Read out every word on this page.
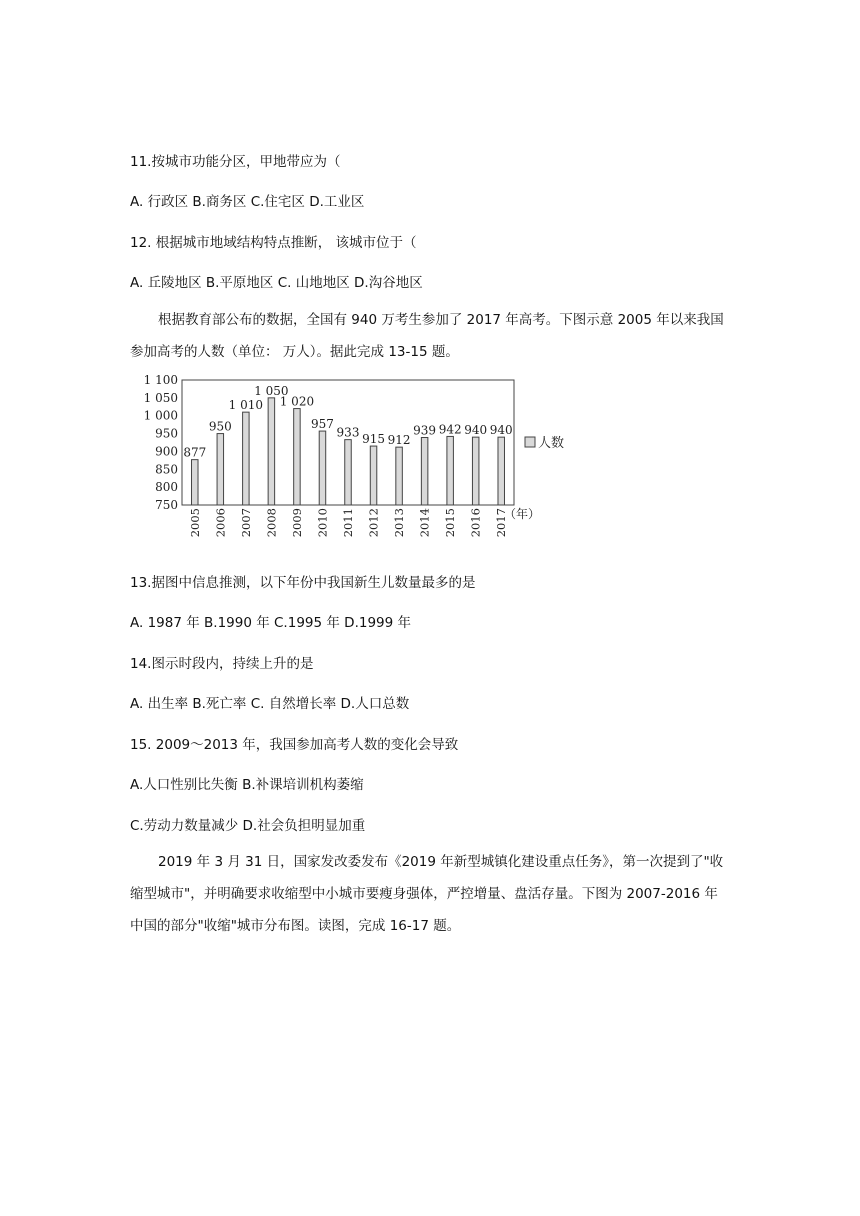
11.按城市功能分区，甲地带应为（
A. 行政区 B.商务区 C.住宅区 D.工业区
12. 根据城市地域结构特点推断， 该城市位于（
A. 丘陵地区 B.平原地区 C. 山地地区 D.沟谷地区
根据教育部公布的数据，全国有 940 万考生参加了 2017 年高考。下图示意 2005 年以来我国参加高考的人数（单位： 万人）。据此完成 13-15 题。
1 100
1 050
1 000
950
900
850
800
750
877
950
1 010
1 050
1 020
957
933 915 912
939 942 940 940
2005 2006 2007 2008 2009 2010 2011 2012 2013 2014 2015 2016 2017
（年）
人数
13.据图中信息推测，以下年份中我国新生儿数量最多的是
A. 1987 年 B.1990 年 C.1995 年 D.1999 年
14.图示时段内，持续上升的是
A. 出生率 B.死亡率 C. 自然增长率 D.人口总数
15. 2009～2013 年，我国参加高考人数的变化会导致
A.人口性别比失衡 B.补课培训机构萎缩
C.劳动力数量减少 D.社会负担明显加重
2019 年 3 月 31 日，国家发改委发布《2019 年新型城镇化建设重点任务》，第一次提到了"收缩型城市"，并明确要求收缩型中小城市要瘦身强体，严控增量、盘活存量。下图为 2007-2016 年中国的部分"收缩"城市分布图。读图，完成 16-17 题。
